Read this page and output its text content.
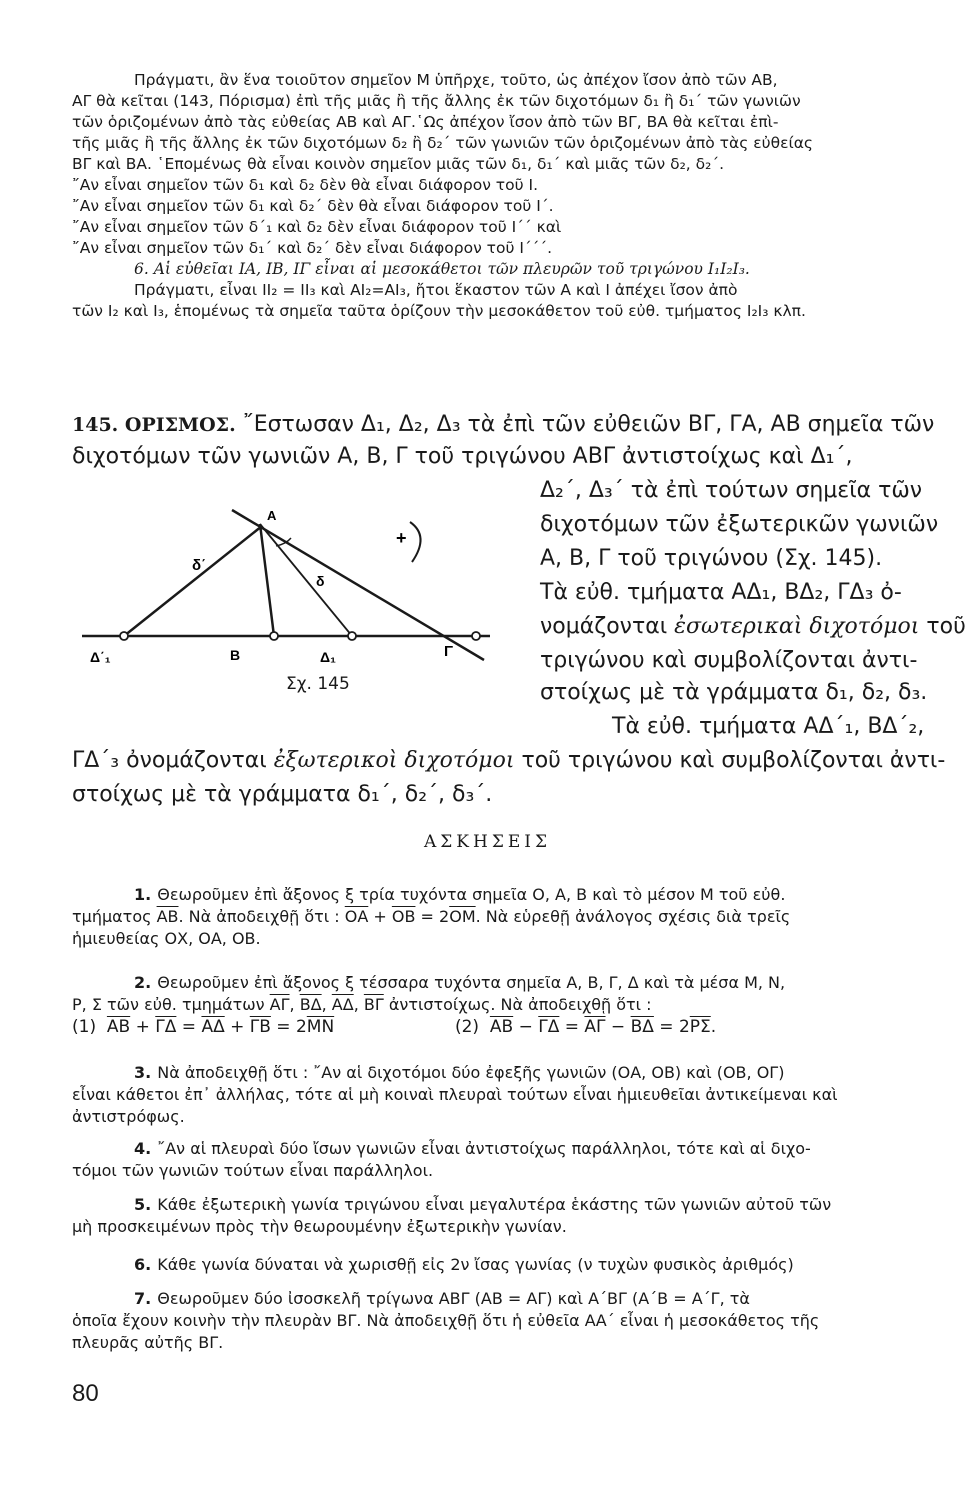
Πράγματι, ἂν ἕνα τοιοῦτον σημεῖον Μ ὑπῆρχε, τοῦτο, ὡς ἀπέχον ἴσον ἀπὸ τῶν ΑΒ,

ΑΓ θὰ κεῖται (143, Πόρισμα) ἐπὶ τῆς μιᾶς ἢ τῆς ἄλλης ἐκ τῶν διχοτόμων δ₁ ἢ δ₁΄ τῶν γωνιῶν

τῶν ὁριζομένων ἀπὸ τὰς εὐθείας ΑΒ καὶ ΑΓ.῾Ως ἀπέχον ἴσον ἀπὸ τῶν ΒΓ, ΒΑ θὰ κεῖται ἐπὶ-

τῆς μιᾶς ἢ τῆς ἄλλης ἐκ τῶν διχοτόμων δ₂ ἢ δ₂΄ τῶν γωνιῶν τῶν ὁριζομένων ἀπὸ τὰς εὐθείας

ΒΓ καὶ ΒΑ. ῾Επομένως θὰ εἶναι κοινὸν σημεῖον μιᾶς τῶν δ₁, δ₁΄ καὶ μιᾶς τῶν δ₂, δ₂΄.

῎Αν εἶναι σημεῖον τῶν δ₁ καὶ δ₂ δὲν θὰ εἶναι διάφορον τοῦ Ι.

῎Αν εἶναι σημεῖον τῶν δ₁ καὶ δ₂΄ δὲν θὰ εἶναι διάφορον τοῦ Ι΄.

῎Αν εἶναι σημεῖον τῶν δ΄₁ καὶ δ₂ δὲν εἶναι διάφορον τοῦ Ι΄΄ καὶ

῎Αν εἶναι σημεῖον τῶν δ₁΄ καὶ δ₂΄ δὲν εἶναι διάφορον τοῦ Ι΄΄΄.

6. Αἱ εὐθεῖαι ΙΑ, ΙΒ, ΙΓ εἶναι αἱ μεσοκάθετοι τῶν πλευρῶν τοῦ τριγώνου Ι₁Ι₂Ι₃.

Πράγματι, εἶναι ΙΙ₂ = ΙΙ₃ καὶ ΑΙ₂=ΑΙ₃, ἤτοι ἕκαστον τῶν Α καὶ Ι ἀπέχει ἴσον ἀπὸ

τῶν Ι₂ καὶ Ι₃, ἑπομένως τὰ σημεῖα ταῦτα ὁρίζουν τὴν μεσοκάθετον τοῦ εὐθ. τμήματος Ι₂Ι₃ κλπ.

145. ΟΡΙΣΜΟΣ. ῎Εστωσαν Δ₁, Δ₂, Δ₃ τὰ ἐπὶ τῶν εὐθειῶν ΒΓ, ΓΑ, ΑΒ σημεῖα τῶν
διχοτόμων τῶν γωνιῶν Α, Β, Γ τοῦ τριγώνου ΑΒΓ ἀντιστοίχως καὶ Δ₁΄,
Δ₂΄, Δ₃΄ τὰ ἐπὶ τούτων σημεῖα τῶν
διχοτόμων τῶν ἐξωτερικῶν γωνιῶν
Α, Β, Γ τοῦ τριγώνου (Σχ. 145).
Τὰ εὐθ. τμήματα ΑΔ₁, ΒΔ₂, ΓΔ₃ ὀ-
νομάζονται ἐσωτερικαὶ διχοτόμοι τοῦ
τριγώνου καὶ συμβολίζονται ἀντι-
στοίχως μὲ τὰ γράμματα δ₁, δ₂, δ₃.
Τὰ εὐθ. τμήματα ΑΔ΄₁, ΒΔ΄₂,
ΓΔ΄₃ ὀνομάζονται ἐξωτερικοὶ διχοτόμοι τοῦ τριγώνου καὶ συμβολίζονται ἀντι-
στοίχως μὲ τὰ γράμματα δ₁΄, δ₂΄, δ₃΄.
A
B	Δ₁	Γ
Δ΄₁
δ
δ΄
+
Σχ. 145
ΑΣΚΗΣΕΙΣ
1. Θεωροῦμεν ἐπὶ ἄξονος ξ τρία τυχόντα σημεῖα Ο, Α, Β καὶ τὸ μέσον Μ τοῦ εὐθ.
τμήματος $\overline{AB}$. Νὰ ἀποδειχθῇ ὅτι : $\overline{OA} + \overline{OB} = 2\overline{OM}$. Νὰ εὑρεθῇ ἀνάλογος σχέσις διὰ τρεῖς
ἡμιευθείας ΟΧ, ΟΑ, ΟΒ.
2. Θεωροῦμεν ἐπὶ ἄξονος ξ τέσσαρα τυχόντα σημεῖα Α, Β, Γ, Δ καὶ τὰ μέσα Μ, Ν,
Ρ, Σ τῶν εὐθ. τμημάτων $\overline{A\Gamma}$, $\overline{B\Delta}$, $\overline{A\Delta}$, $\overline{B\Gamma}$ ἀντιστοίχως. Νὰ ἀποδειχθῇ ὅτι :
(1) $\overline{AB} + \overline{\Gamma\Delta} = \overline{A\Delta} + \overline{\Gamma B} = 2\overline{MN}$	(2) $\overline{AB} - \overline{\Gamma\Delta} = \overline{A\Gamma} - \overline{B\Delta} = 2\overline{P\Sigma}$.
3. Νὰ ἀποδειχθῇ ὅτι : ῎Αν αἱ διχοτόμοι δύο ἐφεξῆς γωνιῶν (ΟΑ, ΟΒ) καὶ (ΟΒ, ΟΓ)
εἶναι κάθετοι ἐπ᾿ ἀλλήλας, τότε αἱ μὴ κοιναὶ πλευραὶ τούτων εἶναι ἡμιευθεῖαι ἀντικείμεναι καὶ
ἀντιστρόφως.
4. ῎Αν αἱ πλευραὶ δύο ἴσων γωνιῶν εἶναι ἀντιστοίχως παράλληλοι, τότε καὶ αἱ διχο-
τόμοι τῶν γωνιῶν τούτων εἶναι παράλληλοι.
5. Κάθε ἐξωτερικὴ γωνία τριγώνου εἶναι μεγαλυτέρα ἑκάστης τῶν γωνιῶν αὐτοῦ τῶν
μὴ προσκειμένων πρὸς τὴν θεωρουμένην ἐξωτερικὴν γωνίαν.
6. Κάθε γωνία δύναται νὰ χωρισθῇ εἰς 2ν ἴσας γωνίας (ν τυχὼν φυσικὸς ἀριθμός)
7. Θεωροῦμεν δύο ἰσοσκελῆ τρίγωνα ΑΒΓ (ΑΒ = ΑΓ) καὶ Α΄ΒΓ (Α΄Β = Α΄Γ, τὰ
ὁποῖα ἔχουν κοινὴν τὴν πλευρὰν ΒΓ. Νὰ ἀποδειχθῇ ὅτι ἡ εὐθεῖα ΑΑ΄ εἶναι ἡ μεσοκάθετος τῆς
πλευρᾶς αὐτῆς ΒΓ.
80
